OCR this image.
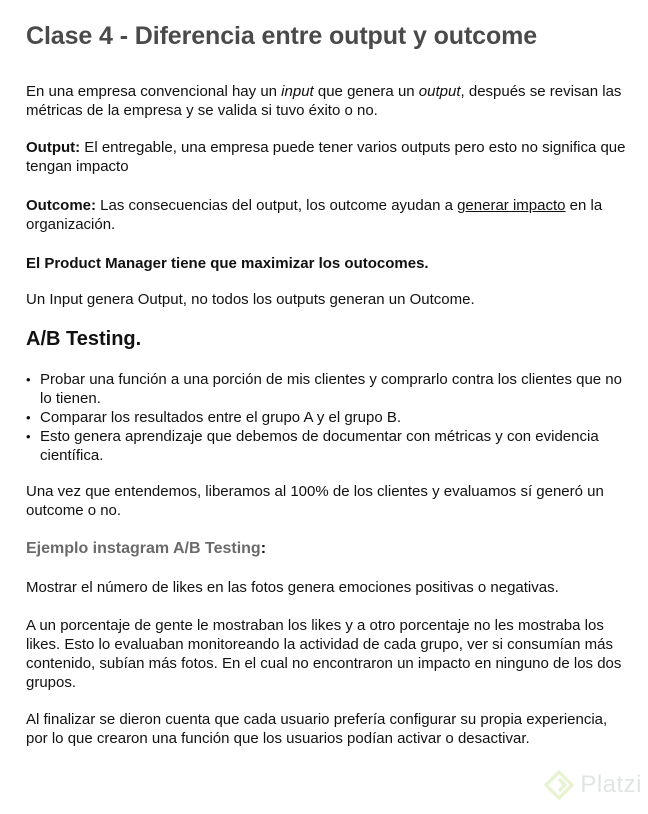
Clase 4 - Diferencia entre output y outcome

En una empresa convencional hay un input que genera un output, después se revisan las métricas de la empresa y se valida si tuvo éxito o no.

Output: El entregable, una empresa puede tener varios outputs pero esto no significa que tengan impacto

Outcome: Las consecuencias del output, los outcome ayudan a generar impacto en la organización.

El Product Manager tiene que maximizar los outocomes.

Un Input genera Output, no todos los outputs generan un Outcome.

A/B Testing.
• Probar una función a una porción de mis clientes y comprarlo contra los clientes que no lo tienen.
• Comparar los resultados entre el grupo A y el grupo B.
• Esto genera aprendizaje que debemos de documentar con métricas y con evidencia científica.

Una vez que entendemos, liberamos al 100% de los clientes y evaluamos sí generó un outcome o no.

Ejemplo instagram A/B Testing:

Mostrar el número de likes en las fotos genera emociones positivas o negativas.

A un porcentaje de gente le mostraban los likes y a otro porcentaje no les mostraba los likes. Esto lo evaluaban monitoreando la actividad de cada grupo, ver si consumían más contenido, subían más fotos. En el cual no encontraron un impacto en ninguno de los dos grupos.

Al finalizar se dieron cuenta que cada usuario prefería configurar su propia experiencia, por lo que crearon una función que los usuarios podían activar o desactivar.

Platzi
